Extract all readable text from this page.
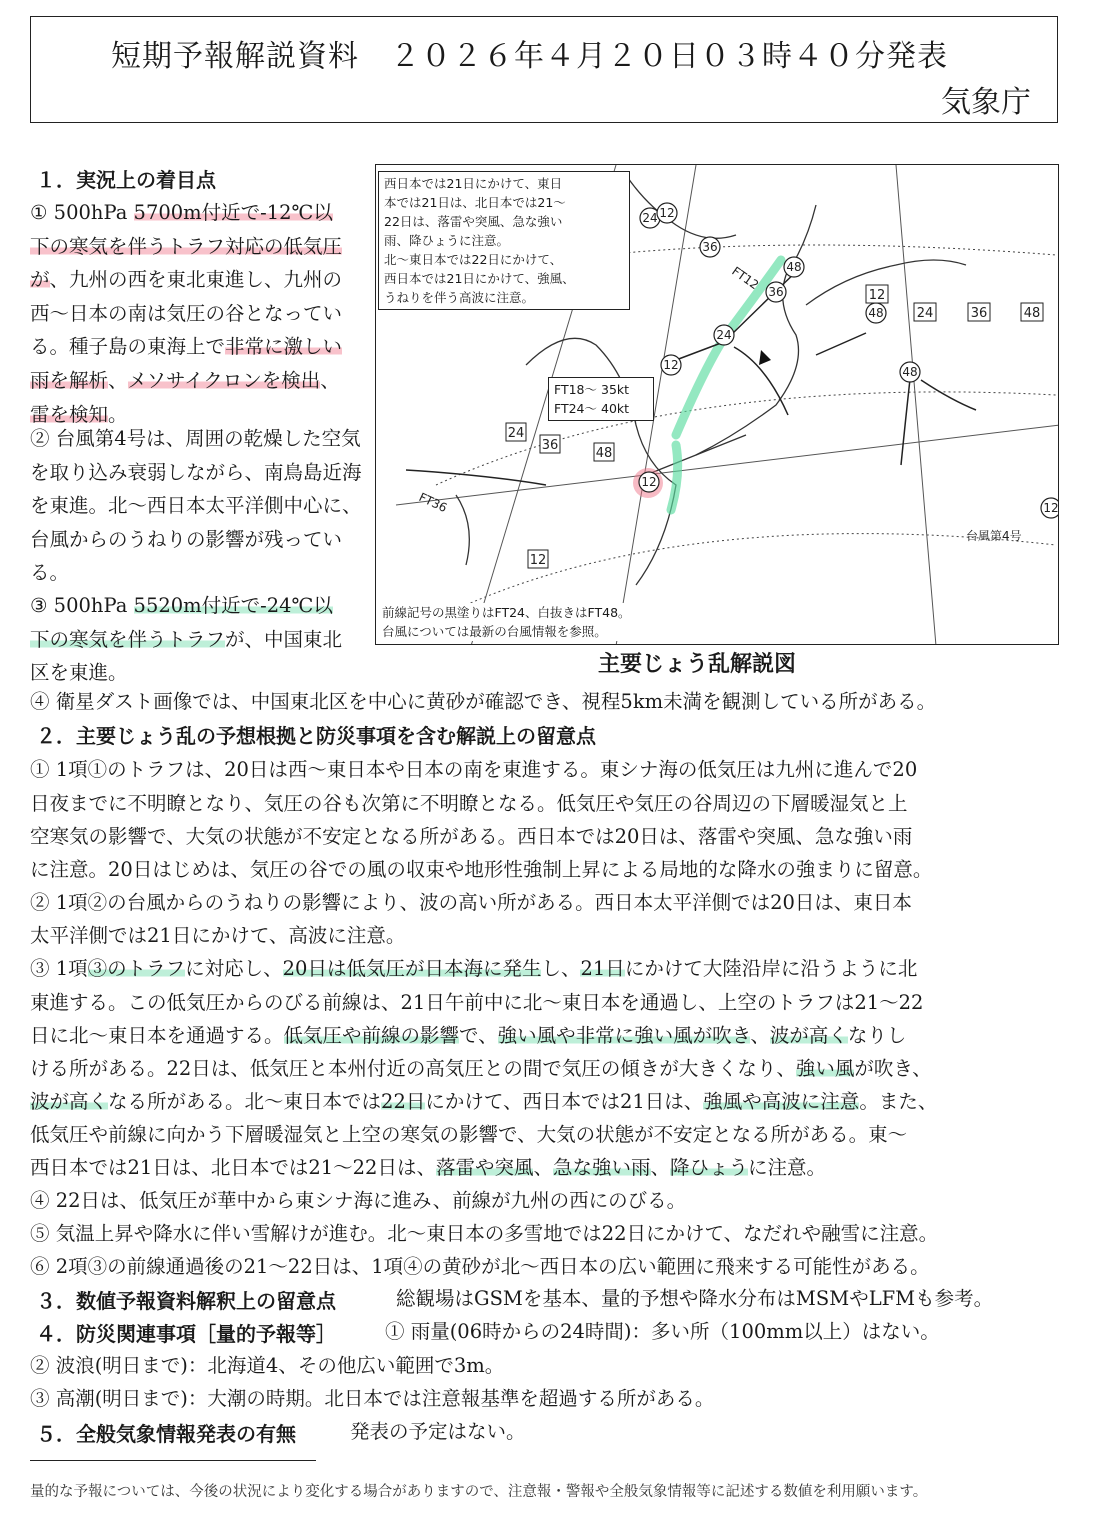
短期予報解説資料　２０２６年４月２０日０３時４０分発表
気象庁
１．実況上の着目点
① 500hPa 5700m付近で-12℃以下の寒気を伴うトラフ対応の低気圧が、九州の西を東北東進し、九州の西～日本の南は気圧の谷となっている。種子島の東海上で非常に激しい雨を解析、メソサイクロンを検出、雷を検知。
② 台風第4号は、周囲の乾燥した空気を取り込み衰弱しながら、南鳥島近海を東進。北～西日本太平洋側中心に、台風からのうねりの影響が残っている。
③ 500hPa 5520m付近で-24℃以下の寒気を伴うトラフが、中国東北区を東進。
④ 衛星ダスト画像では、中国東北区を中心に黄砂が確認でき、視程5km未満を観測している所がある。
12
12
24
36
48
36
24 12
48
48
12
24
36
48
12
12
24	36	48
FT12
FT36
台風第4号
西日本では21日にかけて、東日
本では21日は、北日本では21～
22日は、落雷や突風、急な強い
雨、降ひょうに注意。
北～東日本では22日にかけて、
西日本では21日にかけて、強風、
うねりを伴う高波に注意。
FT18～ 35kt
FT24～ 40kt
前線記号の黒塗りはFT24、白抜きはFT48。
台風については最新の台風情報を参照。
主要じょう乱解説図
２．主要じょう乱の予想根拠と防災事項を含む解説上の留意点
① 1項①のトラフは、20日は西～東日本や日本の南を東進する。東シナ海の低気圧は九州に進んで20
日夜までに不明瞭となり、気圧の谷も次第に不明瞭となる。低気圧や気圧の谷周辺の下層暖湿気と上
空寒気の影響で、大気の状態が不安定となる所がある。西日本では20日は、落雷や突風、急な強い雨
に注意。20日はじめは、気圧の谷での風の収束や地形性強制上昇による局地的な降水の強まりに留意。
② 1項②の台風からのうねりの影響により、波の高い所がある。西日本太平洋側では20日は、東日本
太平洋側では21日にかけて、高波に注意。
③ 1項③のトラフに対応し、20日は低気圧が日本海に発生し、21日にかけて大陸沿岸に沿うように北
東進する。この低気圧からのびる前線は、21日午前中に北～東日本を通過し、上空のトラフは21～22
日に北～東日本を通過する。低気圧や前線の影響で、強い風や非常に強い風が吹き、波が高くなりし
ける所がある。22日は、低気圧と本州付近の高気圧との間で気圧の傾きが大きくなり、強い風が吹き、
波が高くなる所がある。北～東日本では22日にかけて、西日本では21日は、強風や高波に注意。また、
低気圧や前線に向かう下層暖湿気と上空の寒気の影響で、大気の状態が不安定となる所がある。東～
西日本では21日は、北日本では21～22日は、落雷や突風、急な強い雨、降ひょうに注意。
④ 22日は、低気圧が華中から東シナ海に進み、前線が九州の西にのびる。
⑤ 気温上昇や降水に伴い雪解けが進む。北～東日本の多雪地では22日にかけて、なだれや融雪に注意。
⑥ 2項③の前線通過後の21～22日は、1項④の黄砂が北～西日本の広い範囲に飛来する可能性がある。
３．数値予報資料解釈上の留意点	総観場はGSMを基本、量的予想や降水分布はMSMやLFMも参考。
４．防災関連事項［量的予報等］	① 雨量(06時からの24時間)：多い所（100mm以上）はない。
② 波浪(明日まで)：北海道4、その他広い範囲で3m。
③ 高潮(明日まで)：大潮の時期。北日本では注意報基準を超過する所がある。
５．全般気象情報発表の有無	発表の予定はない。
量的な予報については、今後の状況により変化する場合がありますので、注意報・警報や全般気象情報等に記述する数値を利用願います。
